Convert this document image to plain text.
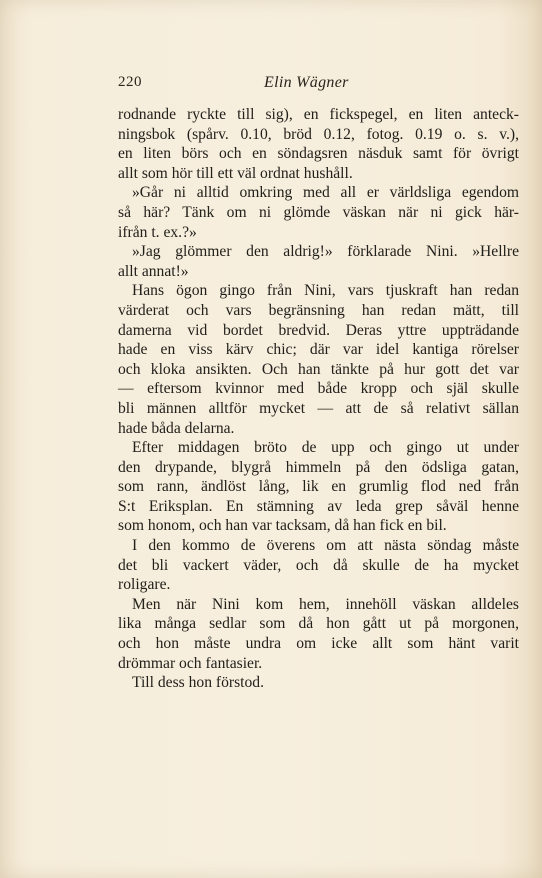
220	Elin Wägner
rodnande ryckte till sig), en fickspegel, en liten anteck-
ningsbok (spårv. 0.10, bröd 0.12, fotog. 0.19 o. s. v.),
en liten börs och en söndagsren näsduk samt för övrigt
allt som hör till ett väl ordnat hushåll.
»Går ni alltid omkring med all er världsliga egendom
så här? Tänk om ni glömde väskan när ni gick här-
ifrån t. ex.?»
»Jag glömmer den aldrig!» förklarade Nini. »Hellre
allt annat!»
Hans ögon gingo från Nini, vars tjuskraft han redan
värderat och vars begränsning han redan mätt, till
damerna vid bordet bredvid. Deras yttre uppträdande
hade en viss kärv chic; där var idel kantiga rörelser
och kloka ansikten. Och han tänkte på hur gott det var
— eftersom kvinnor med både kropp och själ skulle
bli männen alltför mycket — att de så relativt sällan
hade båda delarna.
Efter middagen bröto de upp och gingo ut under
den drypande, blygrå himmeln på den ödsliga gatan,
som rann, ändlöst lång, lik en grumlig flod ned från
S:t Eriksplan. En stämning av leda grep såväl henne
som honom, och han var tacksam, då han fick en bil.
I den kommo de överens om att nästa söndag måste
det bli vackert väder, och då skulle de ha mycket
roligare.
Men när Nini kom hem, innehöll väskan alldeles
lika många sedlar som då hon gått ut på morgonen,
och hon måste undra om icke allt som hänt varit
drömmar och fantasier.
Till dess hon förstod.
